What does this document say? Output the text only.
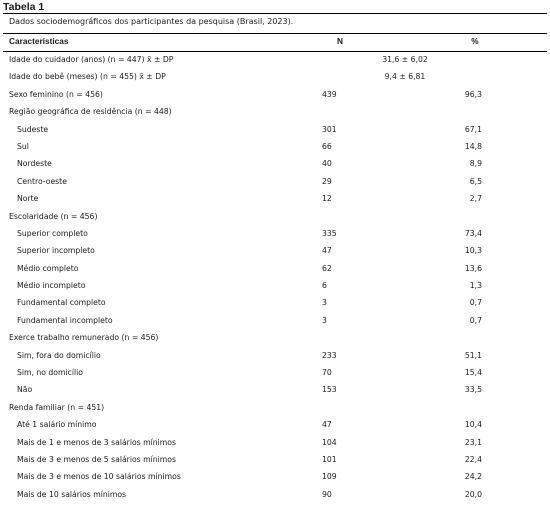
Tabela 1
Dados sociodemográficos dos participantes da pesquisa (Brasil, 2023).
Características	N	%
Idade do cuidador (anos) (n = 447) x̄ ± DP	31,6 ± 6,02
Idade do bebê (meses) (n = 455) x̄ ± DP	9,4 ± 6,81
Sexo feminino (n = 456)	439	96,3
Região geográfica de residência (n = 448)
Sudeste	301	67,1
Sul	66	14,8
Nordeste	40	8,9
Centro-oeste	29	6,5
Norte	12	2,7
Escolaridade (n = 456)
Superior completo	335	73,4
Superior incompleto	47	10,3
Médio completo	62	13,6
Médio incompleto	6	1,3
Fundamental completo	3	0,7
Fundamental incompleto	3	0,7
Exerce trabalho remunerado (n = 456)
Sim, fora do domicílio	233	51,1
Sim, no domicílio	70	15,4
Não	153	33,5
Renda familiar (n = 451)
Até 1 salário mínimo	47	10,4
Mais de 1 e menos de 3 salários mínimos	104	23,1
Mais de 3 e menos de 5 salários mínimos	101	22,4
Mais de 3 e menos de 10 salários mínimos	109	24,2
Mais de 10 salários mínimos	90	20,0
